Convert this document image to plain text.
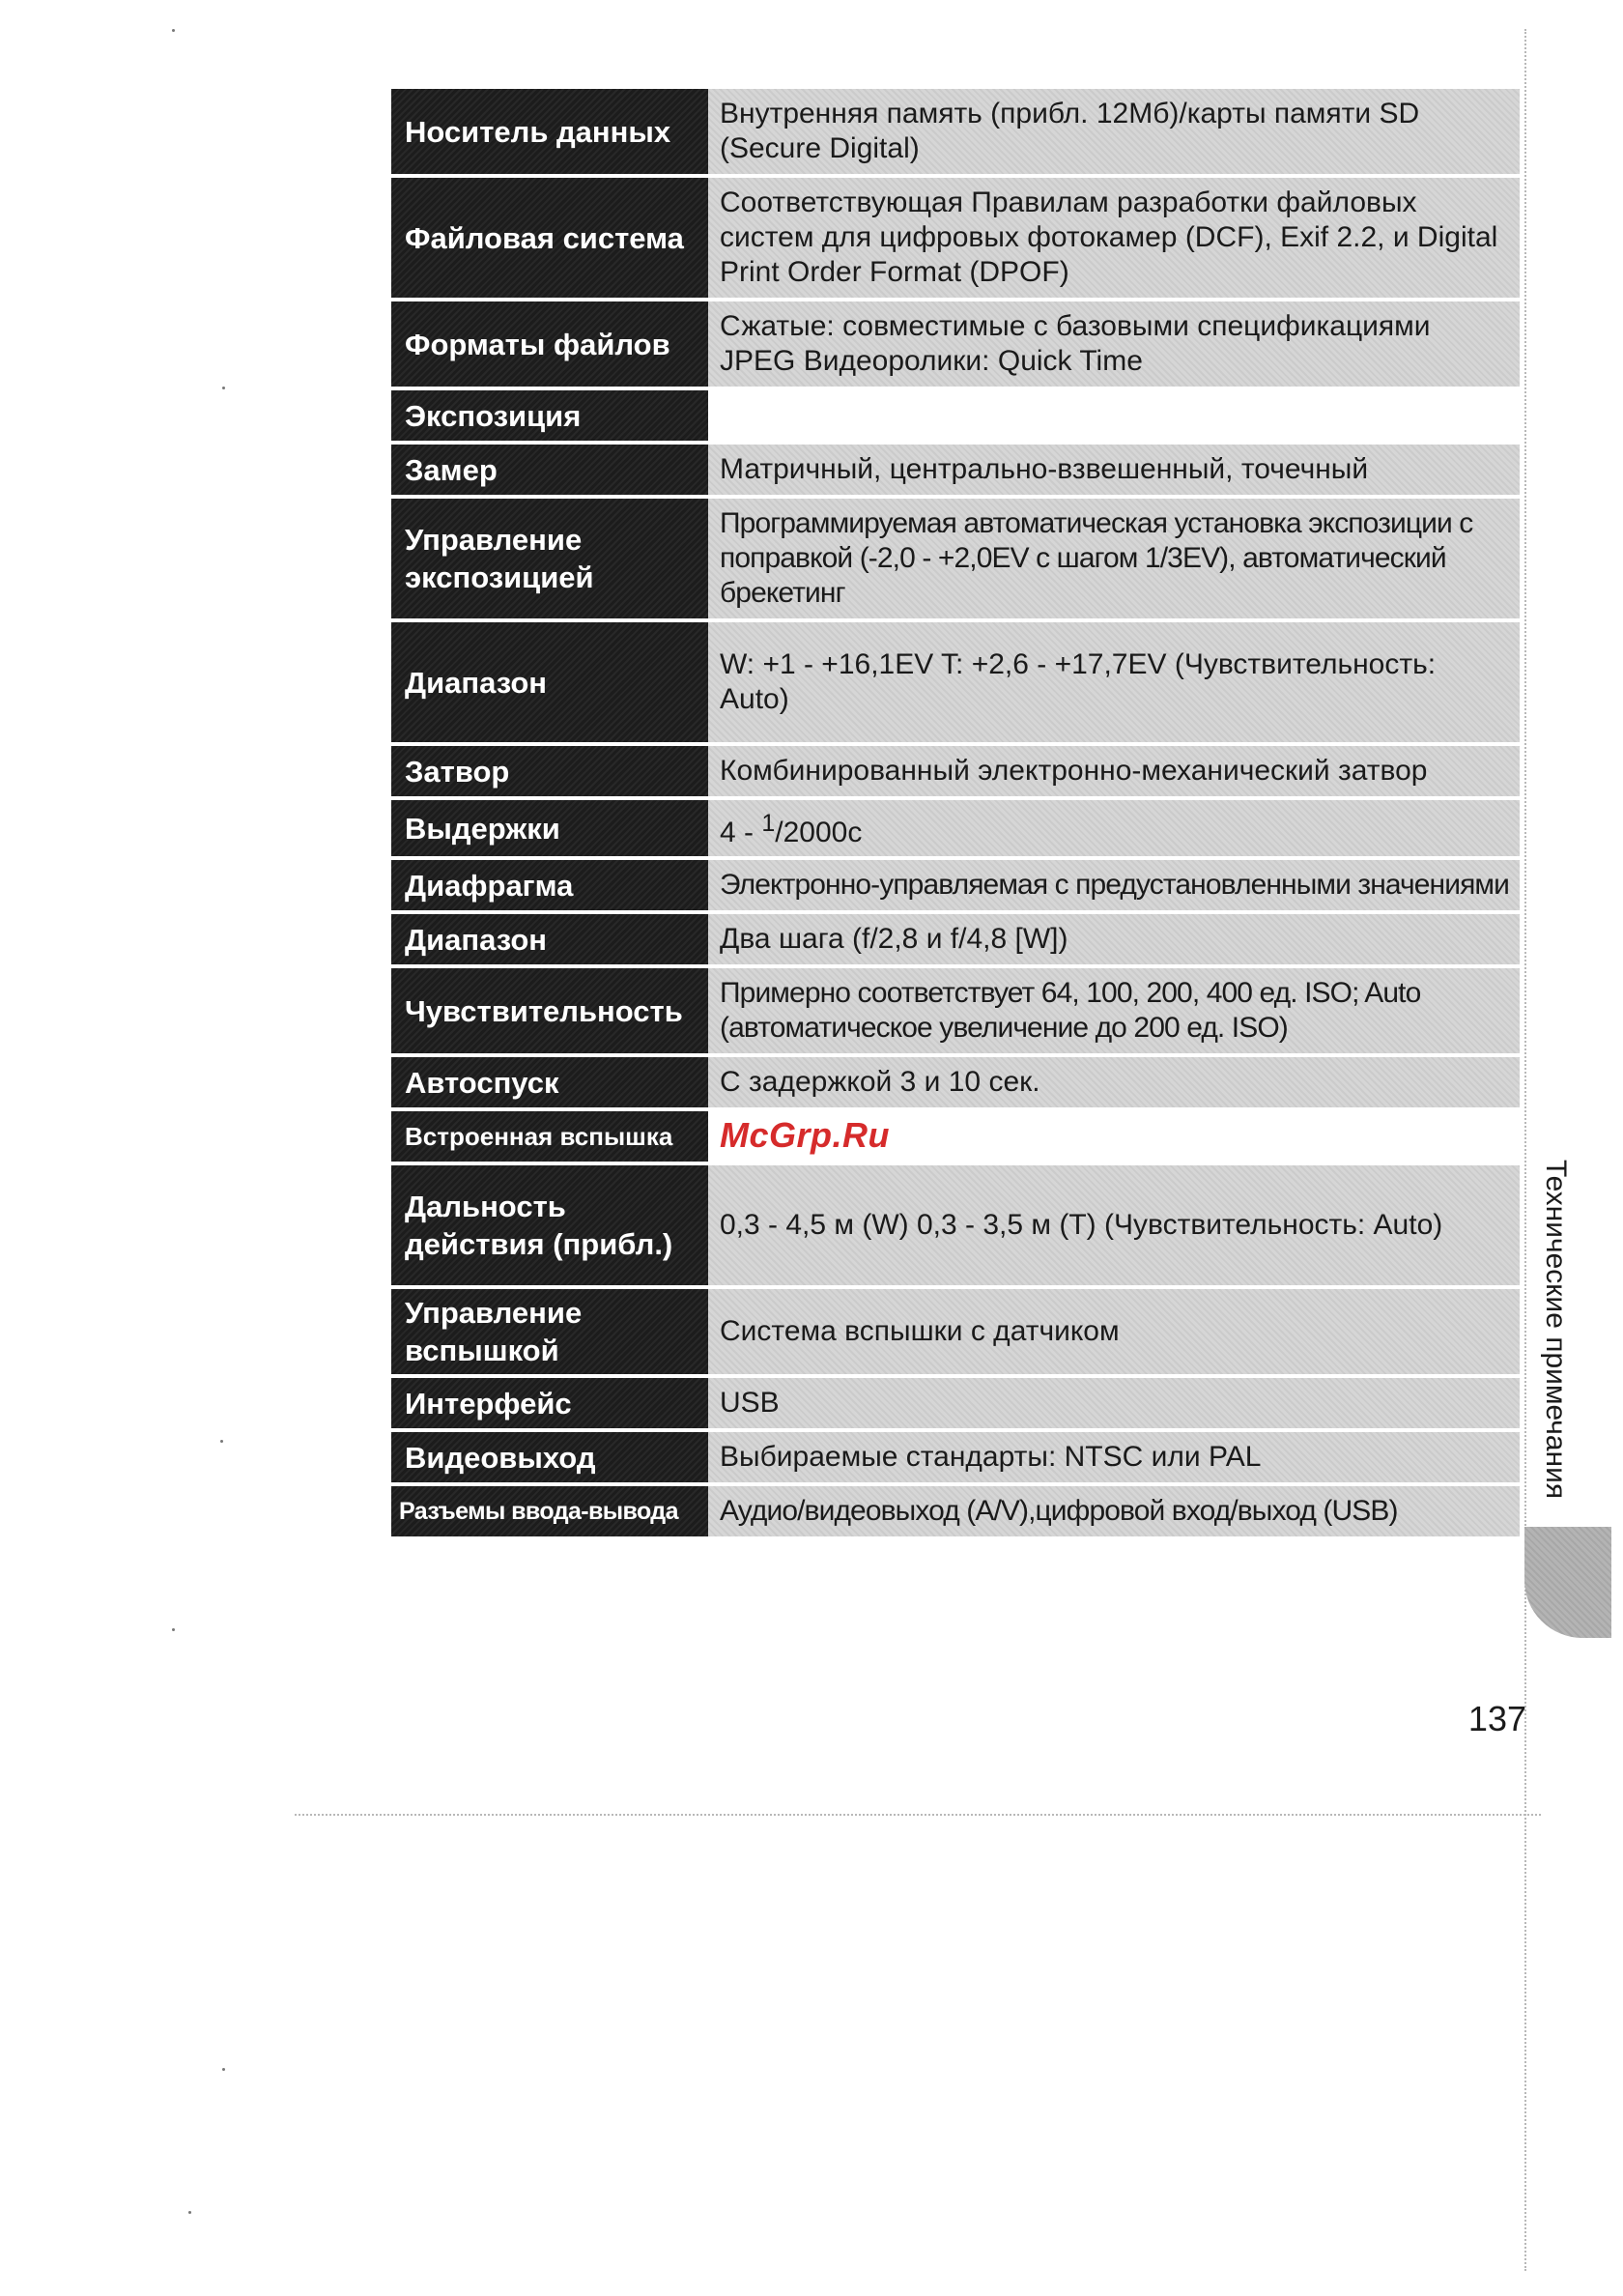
Носитель данных	Внутренняя память (прибл. 12Мб)/карты памяти SD (Secure Digital)
Файловая система	Соответствующая Правилам разработки файловых систем для цифровых фотокамер (DCF), Exif 2.2, и Digital Print Order Format (DPOF)
Форматы файлов	Сжатые: совместимые с базовыми спецификациями JPEG Видеоролики: Quick Time
Экспозиция	
Замер	Матричный, центрально-взвешенный, точечный
Управление экспозицией	Программируемая автоматическая установка экспозиции с поправкой (-2,0 - +2,0EV с шагом 1/3EV), автоматический брекетинг
Диапазон	W: +1 - +16,1EV T: +2,6 - +17,7EV (Чувствительность: Auto)
Затвор	Комбинированный электронно-механический затвор
Выдержки	4 - $^1$/2000с
Диафрагма	Электронно-управляемая с предустановленными значениями
Диапазон	Два шага (f/2,8 и f/4,8 [W])
Чувствительность	Примерно соответствует 64, 100, 200, 400 ед. ISO; Auto (автоматическое увеличение до 200 ед. ISO)
Автоспуск	С задержкой 3 и 10 сек.
Встроенная вспышка	McGrp.Ru
Дальность действия (прибл.)	0,3 - 4,5 м (W) 0,3 - 3,5 м (T) (Чувствительность: Auto)
Управление вспышкой	Система вспышки с датчиком
Интерфейс	USB
Видеовыход	Выбираемые стандарты: NTSC или PAL
Разъемы ввода-вывода	Аудио/видеовыход (A/V),цифровой вход/выход (USB)
Технические примечания
137
